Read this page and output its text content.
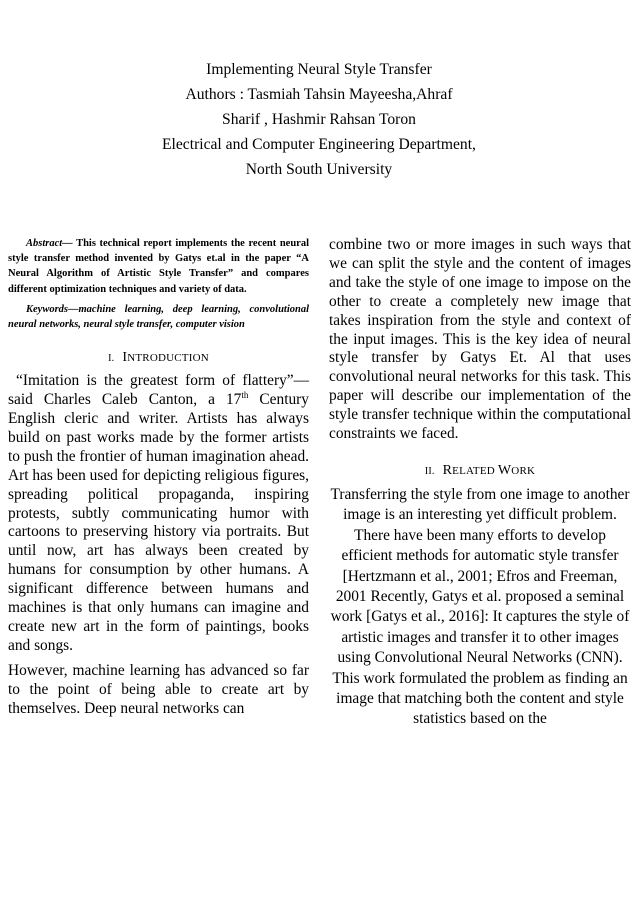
Implementing Neural Style Transfer
Authors : Tasmiah Tahsin Mayeesha,Ahraf
Sharif , Hashmir Rahsan Toron
Electrical and Computer Engineering Department,
North South University

Abstract— This technical report implements the recent neural style transfer method invented by Gatys et.al in the paper “A Neural Algorithm of Artistic Style Transfer” and compares different optimization techniques and variety of data.

Keywords—machine learning, deep learning, convolutional neural networks, neural style transfer, computer vision

I. INTRODUCTION

“Imitation is the greatest form of flattery”—said Charles Caleb Canton, a 17th Century English cleric and writer. Artists has always build on past works made by the former artists to push the frontier of human imagination ahead. Art has been used for depicting religious figures, spreading political propaganda, inspiring protests, subtly communicating humor with cartoons to preserving history via portraits. But until now, art has always been created by humans for consumption by other humans. A significant difference between humans and machines is that only humans can imagine and create new art in the form of paintings, books and songs.

However, machine learning has advanced so far to the point of being able to create art by themselves. Deep neural networks can

combine two or more images in such ways that we can split the style and the content of images and take the style of one image to impose on the other to create a completely new image that takes inspiration from the style and context of the input images. This is the key idea of neural style transfer by Gatys Et. Al that uses convolutional neural networks for this task. This paper will describe our implementation of the style transfer technique within the computational constraints we faced.

II. RELATED WORK

Transferring the style from one image to another image is an interesting yet difficult problem. There have been many efforts to develop efficient methods for automatic style transfer [Hertzmann et al., 2001; Efros and Freeman, 2001 Recently, Gatys et al. proposed a seminal work [Gatys et al., 2016]: It captures the style of artistic images and transfer it to other images using Convolutional Neural Networks (CNN). This work formulated the problem as finding an image that matching both the content and style statistics based on the
